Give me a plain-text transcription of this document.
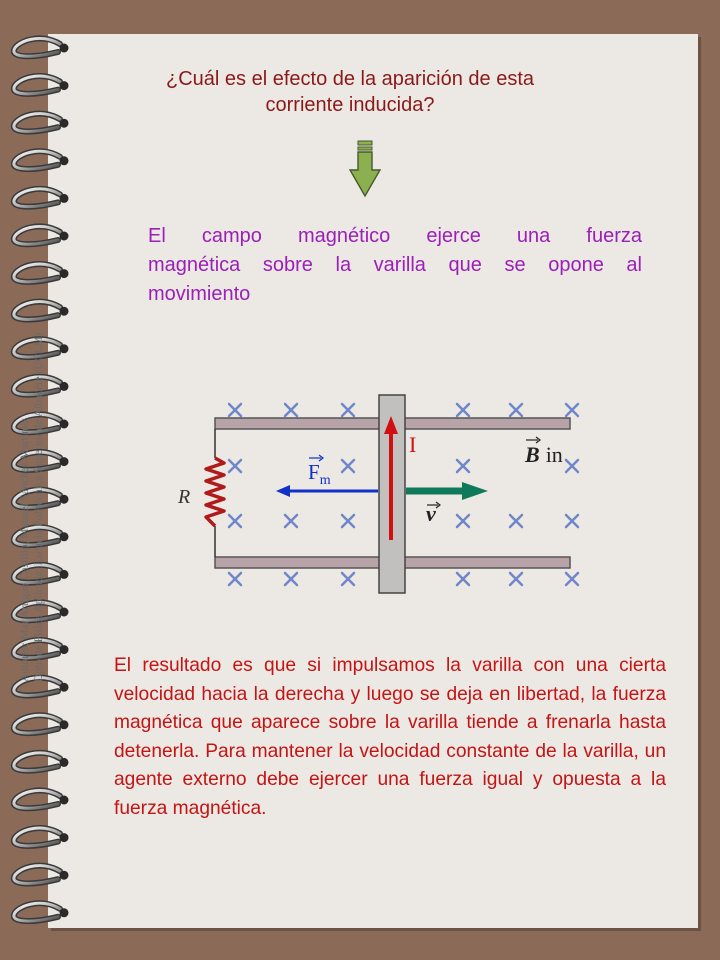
¿Cuál es el efecto de la aparición de esta
corriente inducida?
El campo magnético ejerce una fuerza
magnética sobre la varilla que se opone al
movimiento
R
I
$F_m$
v
B in
El resultado es que si impulsamos la varilla con una cierta velocidad hacia la derecha y luego se deja en libertad, la fuerza magnética que aparece sobre la varilla tiende a frenarla hasta detenerla. Para mantener la velocidad constante de la varilla, un agente externo debe ejercer una fuerza igual y opuesta a la fuerza magnética.
Autores: Mar Artigao Castillo, Manuel Sánchez Martínez Dpto de Física Aplicada. Escuela Politécnica Superior de Albacete (UCLM)
